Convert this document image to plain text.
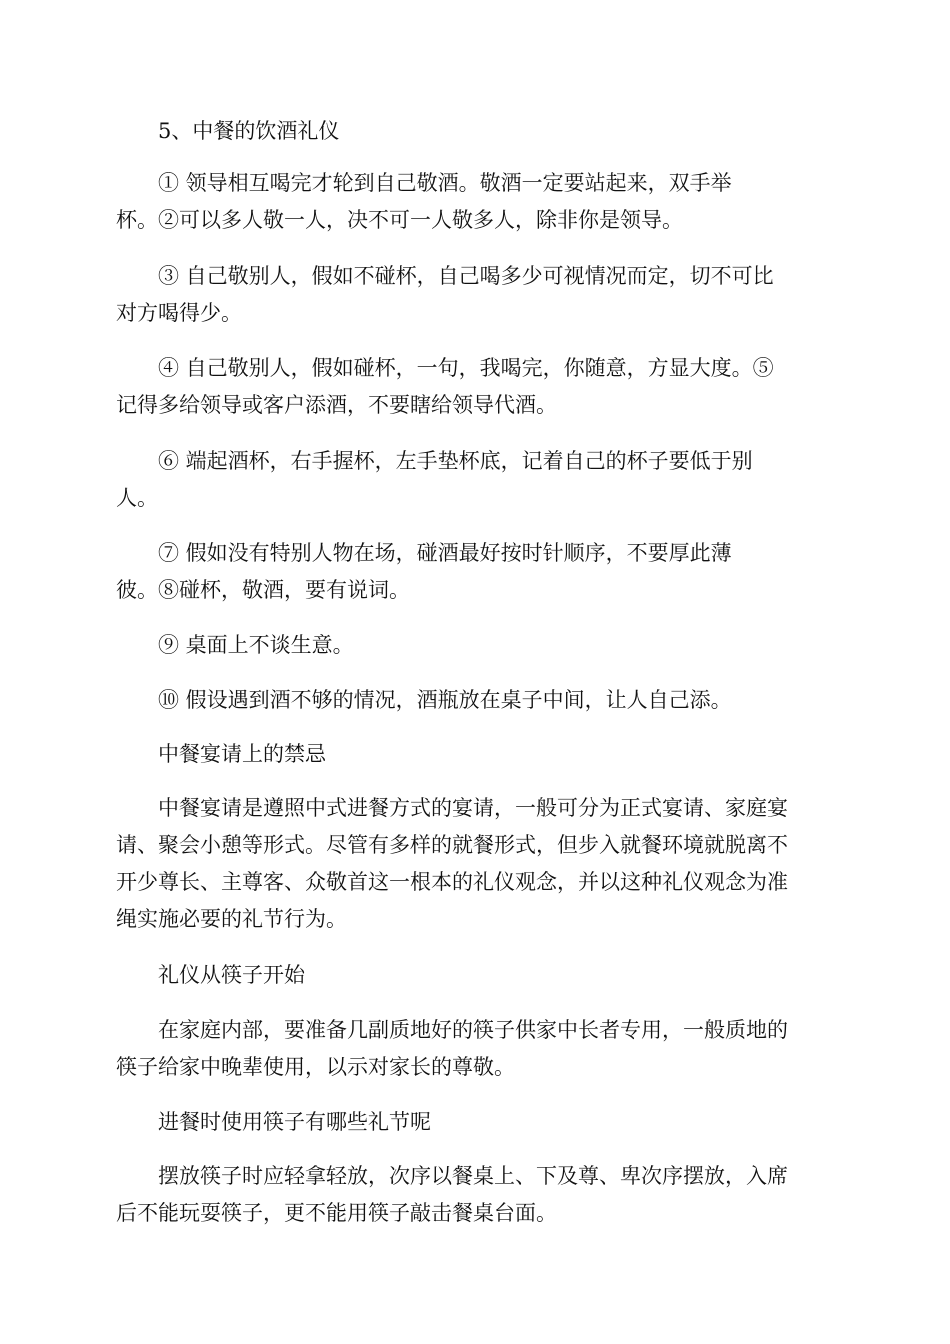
5、中餐的饮酒礼仪

① 领导相互喝完才轮到自己敬酒。敬酒一定要站起来，双手举
杯。②可以多人敬一人，决不可一人敬多人，除非你是领导。

③ 自己敬别人，假如不碰杯，自己喝多少可视情况而定，切不可比
对方喝得少。

④ 自己敬别人，假如碰杯，一句，我喝完，你随意，方显大度。⑤
记得多给领导或客户添酒，不要瞎给领导代酒。

⑥ 端起酒杯，右手握杯，左手垫杯底，记着自己的杯子要低于别
人。

⑦ 假如没有特别人物在场，碰酒最好按时针顺序，不要厚此薄
彼。⑧碰杯，敬酒，要有说词。

⑨ 桌面上不谈生意。

⑩ 假设遇到酒不够的情况，酒瓶放在桌子中间，让人自己添。

中餐宴请上的禁忌

中餐宴请是遵照中式进餐方式的宴请，一般可分为正式宴请、家庭宴
请、聚会小憩等形式。尽管有多样的就餐形式，但步入就餐环境就脱离不
开少尊长、主尊客、众敬首这一根本的礼仪观念，并以这种礼仪观念为准
绳实施必要的礼节行为。

礼仪从筷子开始

在家庭内部，要准备几副质地好的筷子供家中长者专用，一般质地的
筷子给家中晚辈使用，以示对家长的尊敬。

进餐时使用筷子有哪些礼节呢

摆放筷子时应轻拿轻放，次序以餐桌上、下及尊、卑次序摆放，入席
后不能玩耍筷子，更不能用筷子敲击餐桌台面。
